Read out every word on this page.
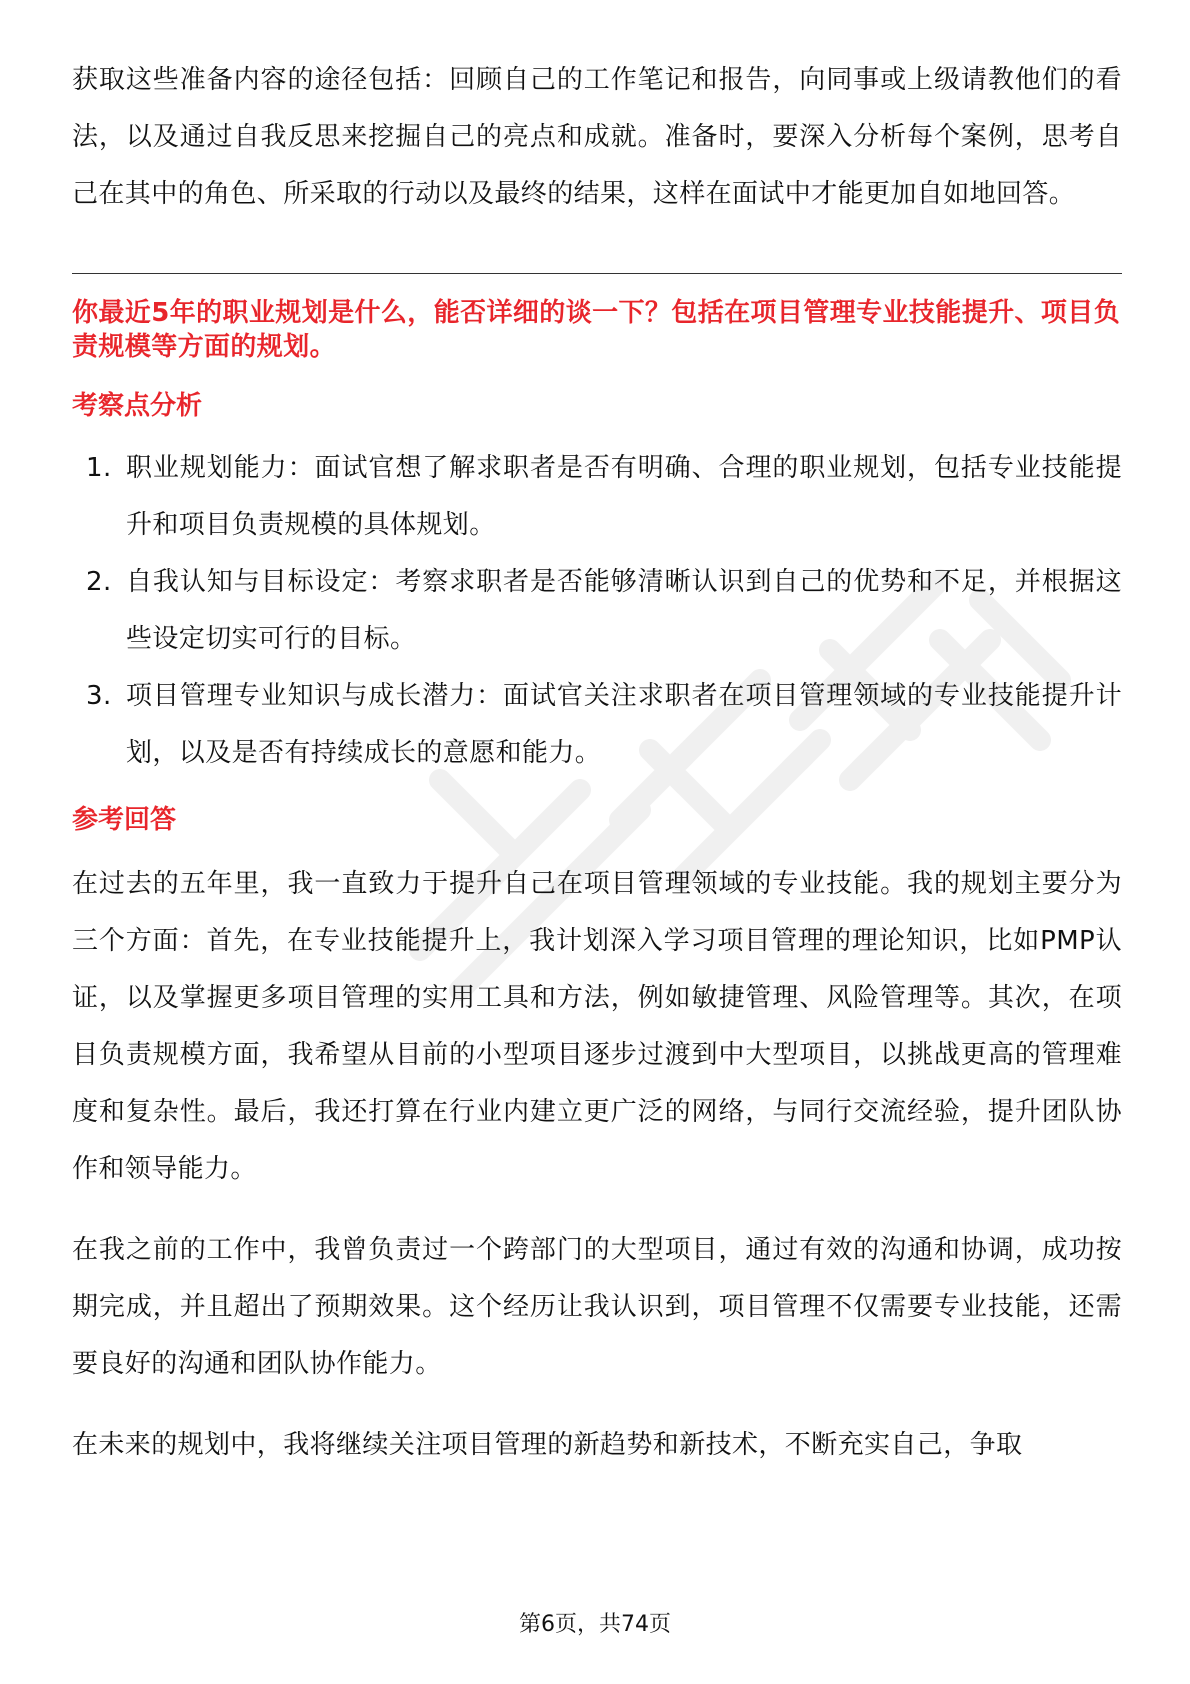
获取这些准备内容的途径包括：回顾自己的工作笔记和报告，向同事或上级请教他们的看法，以及通过自我反思来挖掘自己的亮点和成就。准备时，要深入分析每个案例，思考自己在其中的角色、所采取的行动以及最终的结果，这样在面试中才能更加自如地回答。

你最近5年的职业规划是什么，能否详细的谈一下？包括在项目管理专业技能提升、项目负责规模等方面的规划。
考察点分析
1. 职业规划能力：面试官想了解求职者是否有明确、合理的职业规划，包括专业技能提升和项目负责规模的具体规划。
2. 自我认知与目标设定：考察求职者是否能够清晰认识到自己的优势和不足，并根据这些设定切实可行的目标。
3. 项目管理专业知识与成长潜力：面试官关注求职者在项目管理领域的专业技能提升计划，以及是否有持续成长的意愿和能力。
参考回答

在过去的五年里，我一直致力于提升自己在项目管理领域的专业技能。我的规划主要分为三个方面：首先，在专业技能提升上，我计划深入学习项目管理的理论知识，比如PMP认证，以及掌握更多项目管理的实用工具和方法，例如敏捷管理、风险管理等。其次，在项目负责规模方面，我希望从目前的小型项目逐步过渡到中大型项目，以挑战更高的管理难度和复杂性。最后，我还打算在行业内建立更广泛的网络，与同行交流经验，提升团队协作和领导能力。

在我之前的工作中，我曾负责过一个跨部门的大型项目，通过有效的沟通和协调，成功按期完成，并且超出了预期效果。这个经历让我认识到，项目管理不仅需要专业技能，还需要良好的沟通和团队协作能力。

在未来的规划中，我将继续关注项目管理的新趋势和新技术，不断充实自己，争取

第6页，共74页
